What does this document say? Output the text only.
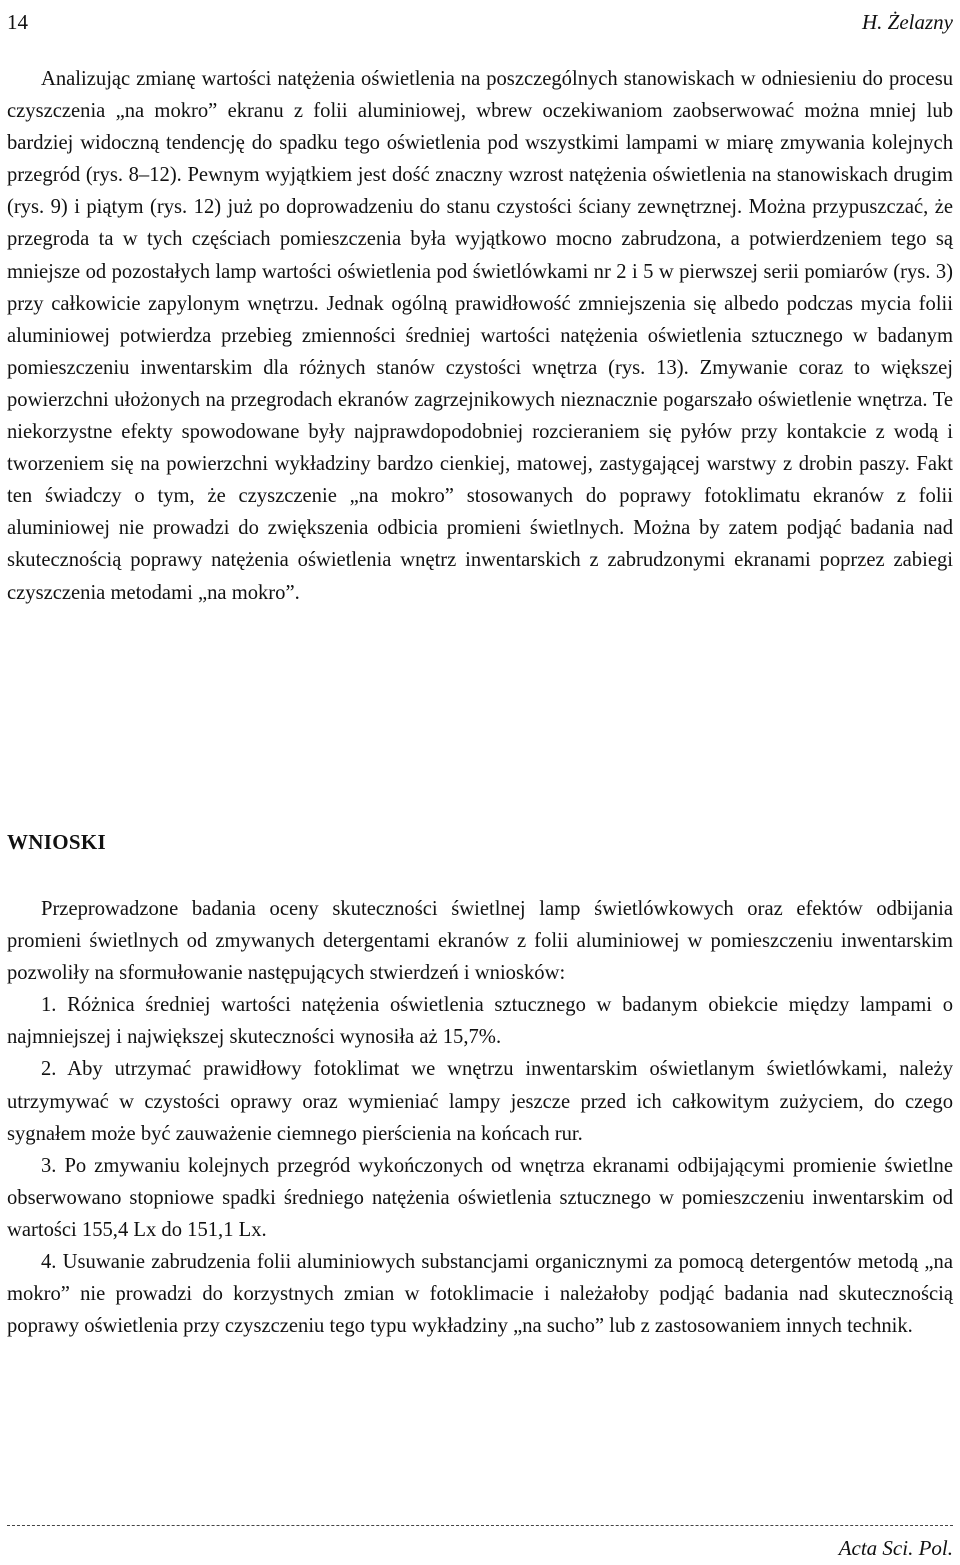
14	H. Żelazny

Analizując zmianę wartości natężenia oświetlenia na poszczególnych stanowiskach w odniesieniu do procesu czyszczenia „na mokro” ekranu z folii aluminiowej, wbrew oczekiwaniom zaobserwować można mniej lub bardziej widoczną tendencję do spadku tego oświetlenia pod wszystkimi lampami w miarę zmywania kolejnych przegród (rys. 8–12). Pewnym wyjątkiem jest dość znaczny wzrost natężenia oświetlenia na stanowiskach drugim (rys. 9) i piątym (rys. 12) już po doprowadzeniu do stanu czystości ściany zewnętrznej. Można przypuszczać, że przegroda ta w tych częściach pomieszczenia była wyjątkowo mocno zabrudzona, a potwierdzeniem tego są mniejsze od pozostałych lamp wartości oświetlenia pod świetlówkami nr 2 i 5 w pierwszej serii pomiarów (rys. 3) przy całkowicie zapylonym wnętrzu. Jednak ogólną prawidłowość zmniejszenia się albedo podczas mycia folii aluminiowej potwierdza przebieg zmienności średniej wartości natężenia oświetlenia sztucznego w badanym pomieszczeniu inwentarskim dla różnych stanów czystości wnętrza (rys. 13). Zmywanie coraz to większej powierzchni ułożonych na przegrodach ekranów zagrzejnikowych nieznacznie pogarszało oświetlenie wnętrza. Te niekorzystne efekty spowodowane były najprawdopodobniej rozcieraniem się pyłów przy kontakcie z wodą i tworzeniem się na powierzchni wykładziny bardzo cienkiej, matowej, zastygającej warstwy z drobin paszy. Fakt ten świadczy o tym, że czyszczenie „na mokro” stosowanych do poprawy fotoklimatu ekranów z folii aluminiowej nie prowadzi do zwiększenia odbicia promieni świetlnych. Można by zatem podjąć badania nad skutecznością poprawy natężenia oświetlenia wnętrz inwentarskich z zabrudzonymi ekranami poprzez zabiegi czyszczenia metodami „na mokro”.

WNIOSKI

Przeprowadzone badania oceny skuteczności świetlnej lamp świetlówkowych oraz efektów odbijania promieni świetlnych od zmywanych detergentami ekranów z folii aluminiowej w pomieszczeniu inwentarskim pozwoliły na sformułowanie następujących stwierdzeń i wniosków:

1. Różnica średniej wartości natężenia oświetlenia sztucznego w badanym obiekcie między lampami o najmniejszej i największej skuteczności wynosiła aż 15,7%.

2. Aby utrzymać prawidłowy fotoklimat we wnętrzu inwentarskim oświetlanym świetlówkami, należy utrzymywać w czystości oprawy oraz wymieniać lampy jeszcze przed ich całkowitym zużyciem, do czego sygnałem może być zauważenie ciemnego pierścienia na końcach rur.

3. Po zmywaniu kolejnych przegród wykończonych od wnętrza ekranami odbijającymi promienie świetlne obserwowano stopniowe spadki średniego natężenia oświetlenia sztucznego w pomieszczeniu inwentarskim od wartości 155,4 Lx do 151,1 Lx.

4. Usuwanie zabrudzenia folii aluminiowych substancjami organicznymi za pomocą detergentów metodą „na mokro” nie prowadzi do korzystnych zmian w fotoklimacie i należałoby podjąć badania nad skutecznością poprawy oświetlenia przy czyszczeniu tego typu wykładziny „na sucho” lub z zastosowaniem innych technik.

Acta Sci. Pol.
